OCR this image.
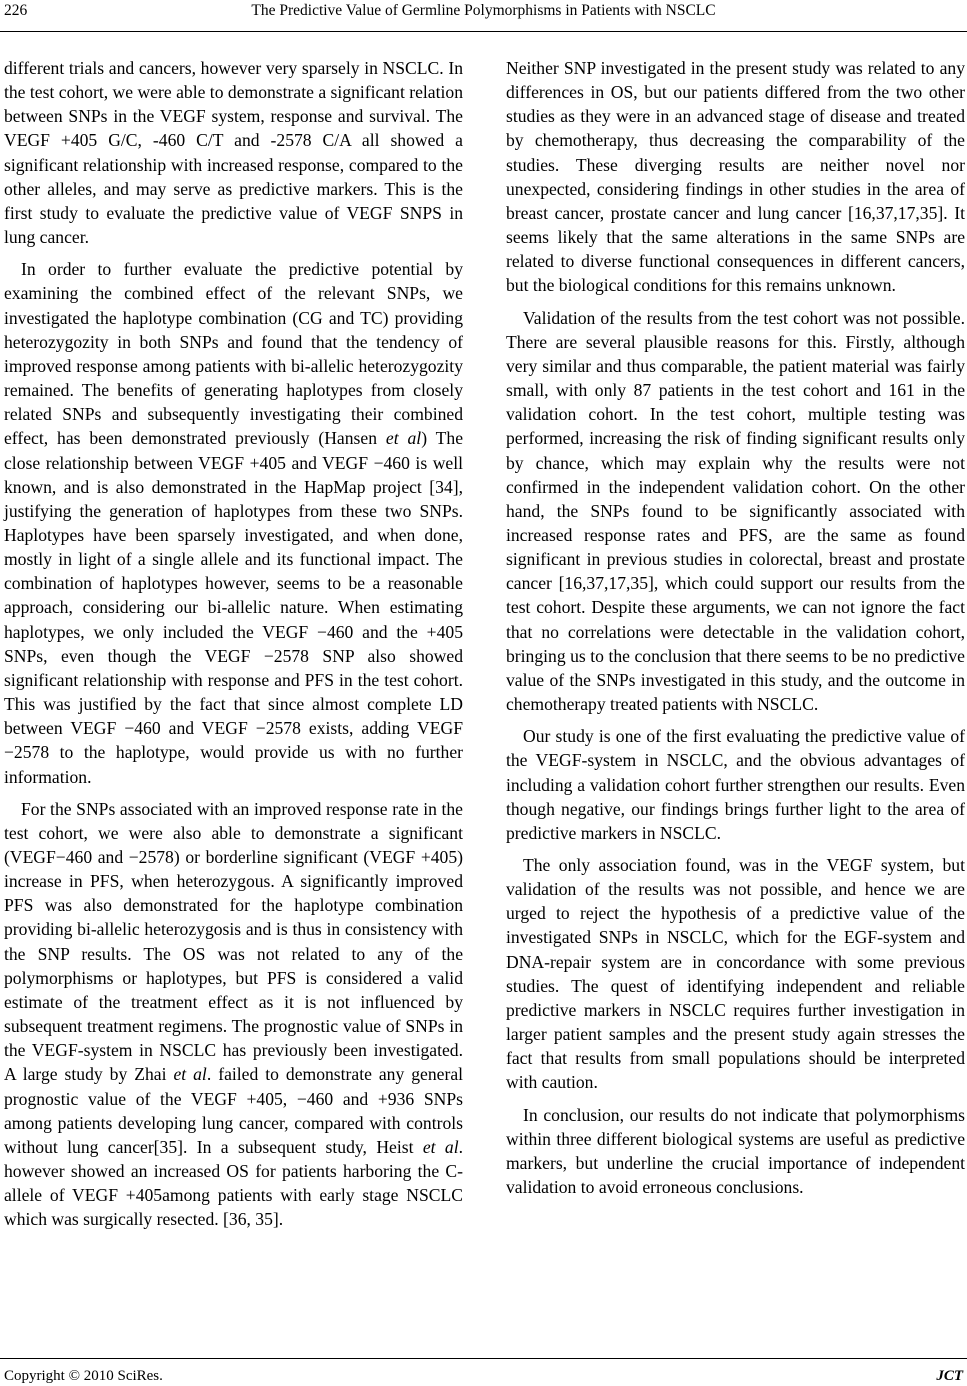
226	The Predictive Value of Germline Polymorphisms in Patients with NSCLC

different trials and cancers, however very sparsely in NSCLC. In the test cohort, we were able to demonstrate a significant relation between SNPs in the VEGF system, response and survival. The VEGF +405 G/C, -460 C/T and -2578 C/A all showed a significant relationship with increased response, compared to the other alleles, and may serve as predictive markers. This is the first study to evaluate the predictive value of VEGF SNPS in lung cancer.

In order to further evaluate the predictive potential by examining the combined effect of the relevant SNPs, we investigated the haplotype combination (CG and TC) providing heterozygozity in both SNPs and found that the tendency of improved response among patients with bi-allelic heterozygozity remained. The benefits of generating haplotypes from closely related SNPs and subsequently investigating their combined effect, has been demonstrated previously (Hansen et al) The close relationship between VEGF +405 and VEGF −460 is well known, and is also demonstrated in the HapMap project [34], justifying the generation of haplotypes from these two SNPs. Haplotypes have been sparsely investigated, and when done, mostly in light of a single allele and its functional impact. The combination of haplotypes however, seems to be a reasonable approach, considering our bi-allelic nature. When estimating haplotypes, we only included the VEGF −460 and the +405 SNPs, even though the VEGF −2578 SNP also showed significant relationship with response and PFS in the test cohort. This was justified by the fact that since almost complete LD between VEGF −460 and VEGF −2578 exists, adding VEGF −2578 to the haplotype, would provide us with no further information.

For the SNPs associated with an improved response rate in the test cohort, we were also able to demonstrate a significant (VEGF−460 and −2578) or borderline significant (VEGF +405) increase in PFS, when heterozygous. A significantly improved PFS was also demonstrated for the haplotype combination providing bi-allelic heterozygosis and is thus in consistency with the SNP results. The OS was not related to any of the polymorphisms or haplotypes, but PFS is considered a valid estimate of the treatment effect as it is not influenced by subsequent treatment regimens. The prognostic value of SNPs in the VEGF-system in NSCLC has previously been investigated. A large study by Zhai et al. failed to demonstrate any general prognostic value of the VEGF +405, −460 and +936 SNPs among patients developing lung cancer, compared with controls without lung cancer[35]. In a subsequent study, Heist et al. however showed an increased OS for patients harboring the C-allele of VEGF +405among patients with early stage NSCLC which was surgically resected. [36, 35].

Neither SNP investigated in the present study was related to any differences in OS, but our patients differed from the two other studies as they were in an advanced stage of disease and treated by chemotherapy, thus decreasing the comparability of the studies. These diverging results are neither novel nor unexpected, considering findings in other studies in the area of breast cancer, prostate cancer and lung cancer [16,37,17,35]. It seems likely that the same alterations in the same SNPs are related to diverse functional consequences in different cancers, but the biological conditions for this remains unknown.

Validation of the results from the test cohort was not possible. There are several plausible reasons for this. Firstly, although very similar and thus comparable, the patient material was fairly small, with only 87 patients in the test cohort and 161 in the validation cohort. In the test cohort, multiple testing was performed, increasing the risk of finding significant results only by chance, which may explain why the results were not confirmed in the independent validation cohort. On the other hand, the SNPs found to be significantly associated with increased response rates and PFS, are the same as found significant in previous studies in colorectal, breast and prostate cancer [16,37,17,35], which could support our results from the test cohort. Despite these arguments, we can not ignore the fact that no correlations were detectable in the validation cohort, bringing us to the conclusion that there seems to be no predictive value of the SNPs investigated in this study, and the outcome in chemotherapy treated patients with NSCLC.

Our study is one of the first evaluating the predictive value of the VEGF-system in NSCLC, and the obvious advantages of including a validation cohort further strengthen our results. Even though negative, our findings brings further light to the area of predictive markers in NSCLC.

The only association found, was in the VEGF system, but validation of the results was not possible, and hence we are urged to reject the hypothesis of a predictive value of the investigated SNPs in NSCLC, which for the EGF-system and DNA-repair system are in concordance with some previous studies. The quest of identifying independent and reliable predictive markers in NSCLC requires further investigation in larger patient samples and the present study again stresses the fact that results from small populations should be interpreted with caution.

In conclusion, our results do not indicate that polymorphisms within three different biological systems are useful as predictive markers, but underline the crucial importance of independent validation to avoid erroneous conclusions.

Copyright © 2010 SciRes.	JCT
